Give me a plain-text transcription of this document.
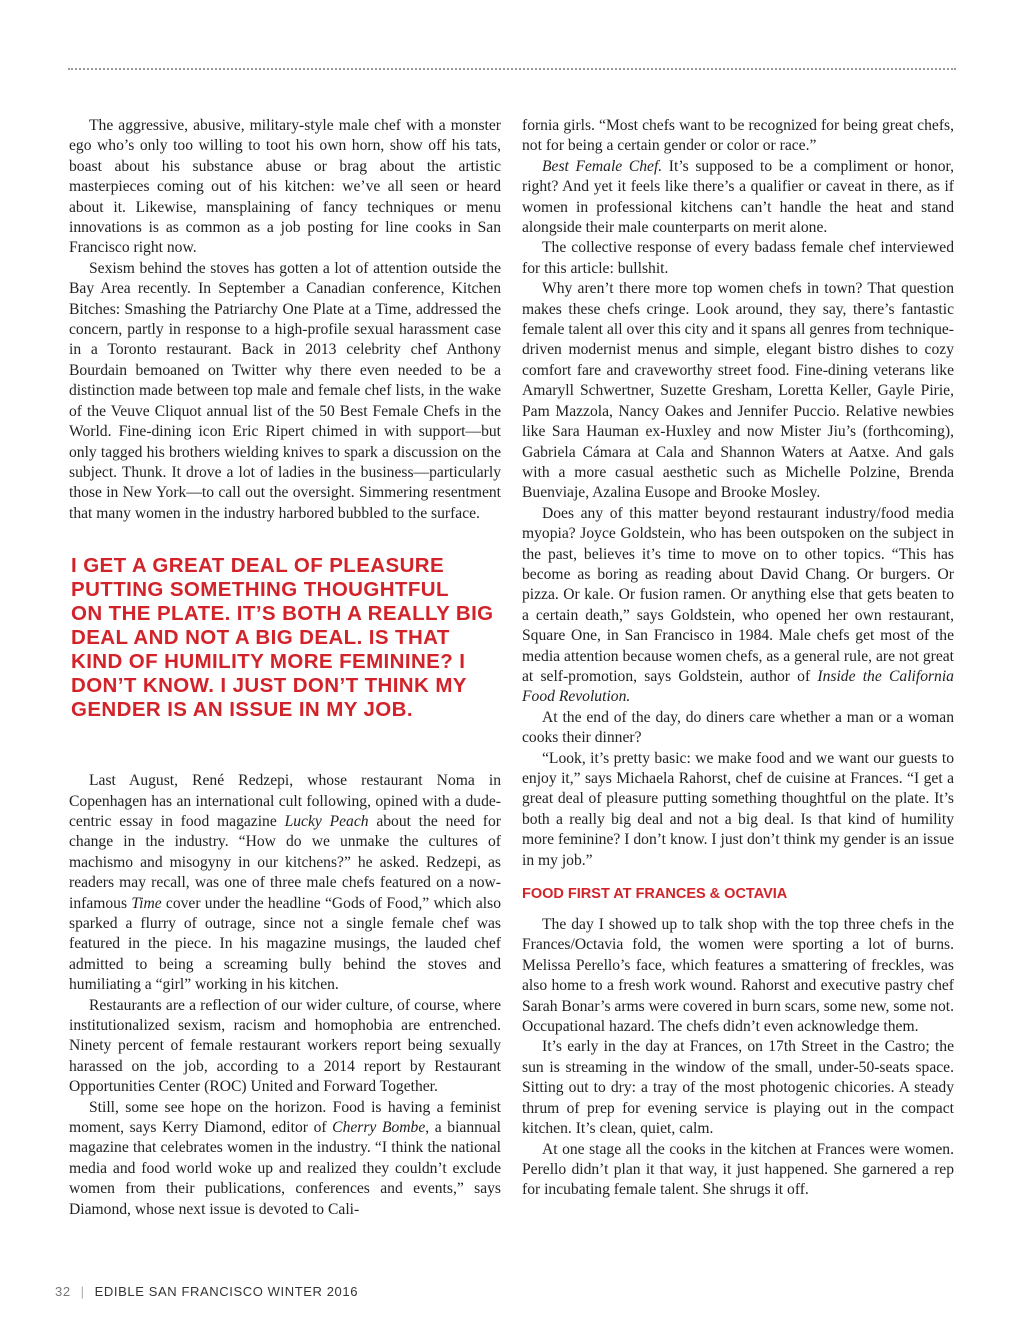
The aggressive, abusive, military-style male chef with a monster ego who’s only too willing to toot his own horn, show off his tats, boast about his substance abuse or brag about the artistic masterpieces coming out of his kitchen: we’ve all seen or heard about it. Likewise, mansplaining of fancy techniques or menu innovations is as common as a job posting for line cooks in San Francisco right now.

Sexism behind the stoves has gotten a lot of attention outside the Bay Area recently. In September a Canadian conference, Kitchen Bitches: Smashing the Patriarchy One Plate at a Time, addressed the concern, partly in response to a high-profile sexual harassment case in a Toronto restaurant. Back in 2013 celebrity chef Anthony Bourdain bemoaned on Twitter why there even needed to be a distinction made between top male and female chef lists, in the wake of the Veuve Cliquot annual list of the 50 Best Female Chefs in the World. Fine-dining icon Eric Ripert chimed in with support—but only tagged his brothers wielding knives to spark a discussion on the subject. Thunk. It drove a lot of ladies in the business—particularly those in New York—to call out the oversight. Simmering resentment that many women in the industry harbored bubbled to the surface.

I GET A GREAT DEAL OF PLEASURE
PUTTING SOMETHING THOUGHTFUL
ON THE PLATE. IT’S BOTH A REALLY BIG
DEAL AND NOT A BIG DEAL. IS THAT
KIND OF HUMILITY MORE FEMININE? I
DON’T KNOW. I JUST DON’T THINK MY
GENDER IS AN ISSUE IN MY JOB.

Last August, René Redzepi, whose restaurant Noma in Copenhagen has an international cult following, opined with a dude-centric essay in food magazine Lucky Peach about the need for change in the industry. “How do we unmake the cultures of machismo and misogyny in our kitchens?” he asked. Redzepi, as readers may recall, was one of three male chefs featured on a now-infamous Time cover under the headline “Gods of Food,” which also sparked a flurry of outrage, since not a single female chef was featured in the piece. In his magazine musings, the lauded chef admitted to being a screaming bully behind the stoves and humiliating a “girl” working in his kitchen.

Restaurants are a reflection of our wider culture, of course, where institutionalized sexism, racism and homophobia are entrenched. Ninety percent of female restaurant workers report being sexually harassed on the job, according to a 2014 report by Restaurant Opportunities Center (ROC) United and Forward Together.

Still, some see hope on the horizon. Food is having a feminist moment, says Kerry Diamond, editor of Cherry Bombe, a biannual magazine that celebrates women in the industry. “I think the national media and food world woke up and realized they couldn’t exclude women from their publications, conferences and events,” says Diamond, whose next issue is devoted to Cali-

fornia girls. “Most chefs want to be recognized for being great chefs, not for being a certain gender or color or race.”

Best Female Chef. It’s supposed to be a compliment or honor, right? And yet it feels like there’s a qualifier or caveat in there, as if women in professional kitchens can’t handle the heat and stand alongside their male counterparts on merit alone.

The collective response of every badass female chef interviewed for this article: bullshit.

Why aren’t there more top women chefs in town? That question makes these chefs cringe. Look around, they say, there’s fantastic female talent all over this city and it spans all genres from technique-driven modernist menus and simple, elegant bistro dishes to cozy comfort fare and craveworthy street food. Fine-dining veterans like Amaryll Schwertner, Suzette Gresham, Loretta Keller, Gayle Pirie, Pam Mazzola, Nancy Oakes and Jennifer Puccio. Relative newbies like Sara Hauman ex-Huxley and now Mister Jiu’s (forthcoming), Gabriela Cámara at Cala and Shannon Waters at Aatxe. And gals with a more casual aesthetic such as Michelle Polzine, Brenda Buenviaje, Azalina Eusope and Brooke Mosley.

Does any of this matter beyond restaurant industry/food media myopia? Joyce Goldstein, who has been outspoken on the subject in the past, believes it’s time to move on to other topics. “This has become as boring as reading about David Chang. Or burgers. Or pizza. Or kale. Or fusion ramen. Or anything else that gets beaten to a certain death,” says Goldstein, who opened her own restaurant, Square One, in San Francisco in 1984. Male chefs get most of the media attention because women chefs, as a general rule, are not great at self-promotion, says Goldstein, author of Inside the California Food Revolution.

At the end of the day, do diners care whether a man or a woman cooks their dinner?

“Look, it’s pretty basic: we make food and we want our guests to enjoy it,” says Michaela Rahorst, chef de cuisine at Frances. “I get a great deal of pleasure putting something thoughtful on the plate. It’s both a really big deal and not a big deal. Is that kind of humility more feminine? I don’t know. I just don’t think my gender is an issue in my job.”

FOOD FIRST AT FRANCES & OCTAVIA

The day I showed up to talk shop with the top three chefs in the Frances/Octavia fold, the women were sporting a lot of burns. Melissa Perello’s face, which features a smattering of freckles, was also home to a fresh work wound. Rahorst and executive pastry chef Sarah Bonar’s arms were covered in burn scars, some new, some not. Occupational hazard. The chefs didn’t even acknowledge them.

It’s early in the day at Frances, on 17th Street in the Castro; the sun is streaming in the window of the small, under-50-seats space. Sitting out to dry: a tray of the most photogenic chicories. A steady thrum of prep for evening service is playing out in the compact kitchen. It’s clean, quiet, calm.

At one stage all the cooks in the kitchen at Frances were women. Perello didn’t plan it that way, it just happened. She garnered a rep for incubating female talent. She shrugs it off.

32 | EDIBLE SAN FRANCISCO WINTER 2016
